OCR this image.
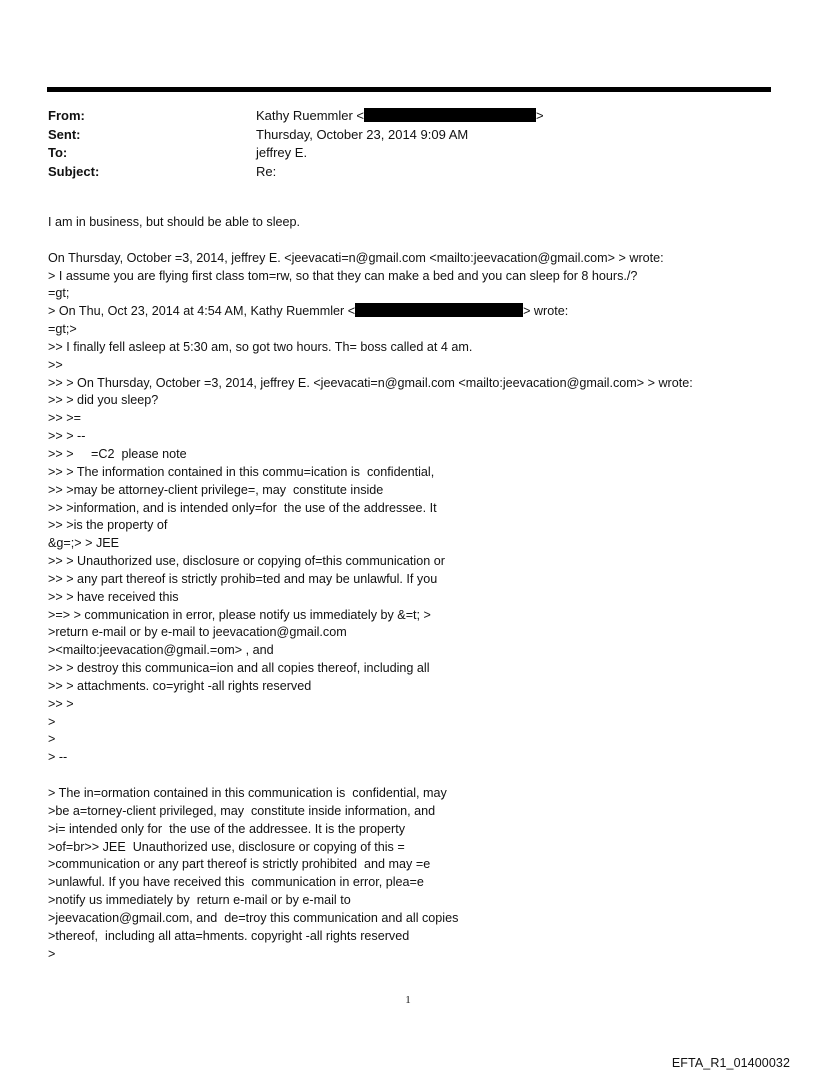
From:	Kathy Ruemmler <	>
Sent:	Thursday, October 23, 2014 9:09 AM
To:	jeffrey E.
Subject:	Re:
I am in business, but should be able to sleep.
On Thursday, October =3, 2014, jeffrey E. <jeevacati=n@gmail.com <mailto:jeevacation@gmail.com> > wrote:
> I assume you are flying first class tom=rw, so that they can make a bed and you can sleep for 8 hours./?
=gt;
> On Thu, Oct 23, 2014 at 4:54 AM, Kathy Ruemmler <	> wrote:
=gt;>
>> I finally fell asleep at 5:30 am, so got two hours. Th= boss called at 4 am.
>>
>> > On Thursday, October =3, 2014, jeffrey E. <jeevacati=n@gmail.com <mailto:jeevacation@gmail.com> > wrote:
>> > did you sleep?
>> >=
>> > --
>> >     =C2  please note
>> > The information contained in this commu=ication is  confidential,
>> >may be attorney-client privilege=, may  constitute inside
>> >information, and is intended only=for  the use of the addressee. It
>> >is the property of
&g=;> > JEE
>> > Unauthorized use, disclosure or copying of=this communication or
>> > any part thereof is strictly prohib=ted and may be unlawful. If you
>> > have received this
>=> > communication in error, please notify us immediately by &=t; >
>return e-mail or by e-mail to jeevacation@gmail.com
><mailto:jeevacation@gmail.=om> , and
>> > destroy this communica=ion and all copies thereof, including all
>> > attachments. co=yright -all rights reserved
>> >
>
>
> --
> The in=ormation contained in this communication is  confidential, may
>be a=torney-client privileged, may  constitute inside information, and
>i= intended only for  the use of the addressee. It is the property
>of=br>> JEE  Unauthorized use, disclosure or copying of this =
>communication or any part thereof is strictly prohibited  and may =e
>unlawful. If you have received this  communication in error, plea=e
>notify us immediately by  return e-mail or by e-mail to
>jeevacation@gmail.com, and  de=troy this communication and all copies
>thereof,  including all atta=hments. copyright -all rights reserved
>
1
EFTA_R1_01400032
